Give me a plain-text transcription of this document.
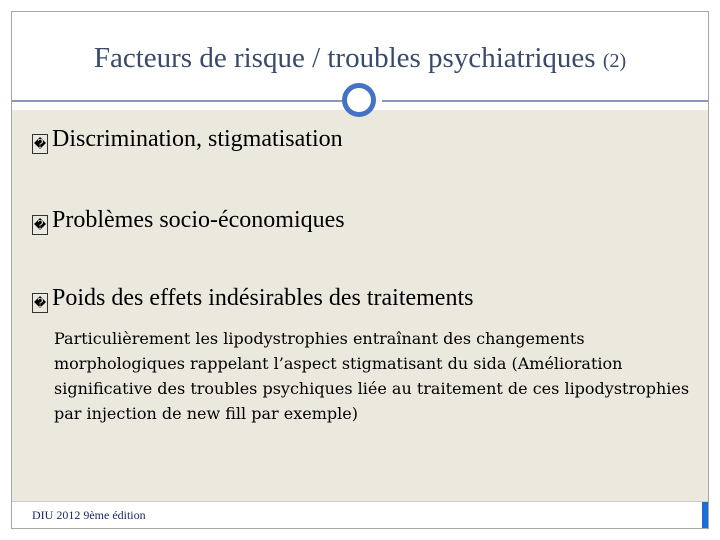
Facteurs de risque / troubles psychiatriques (2)
� Discrimination, stigmatisation
� Problèmes socio-économiques
� Poids des effets indésirables des traitements
Particulièrement les lipodystrophies entraînant des changements morphologiques rappelant l’aspect stigmatisant du sida (Amélioration significative des troubles psychiques liée au traitement de ces lipodystrophies par injection de new fill par exemple)
DIU 2012 9ème édition
